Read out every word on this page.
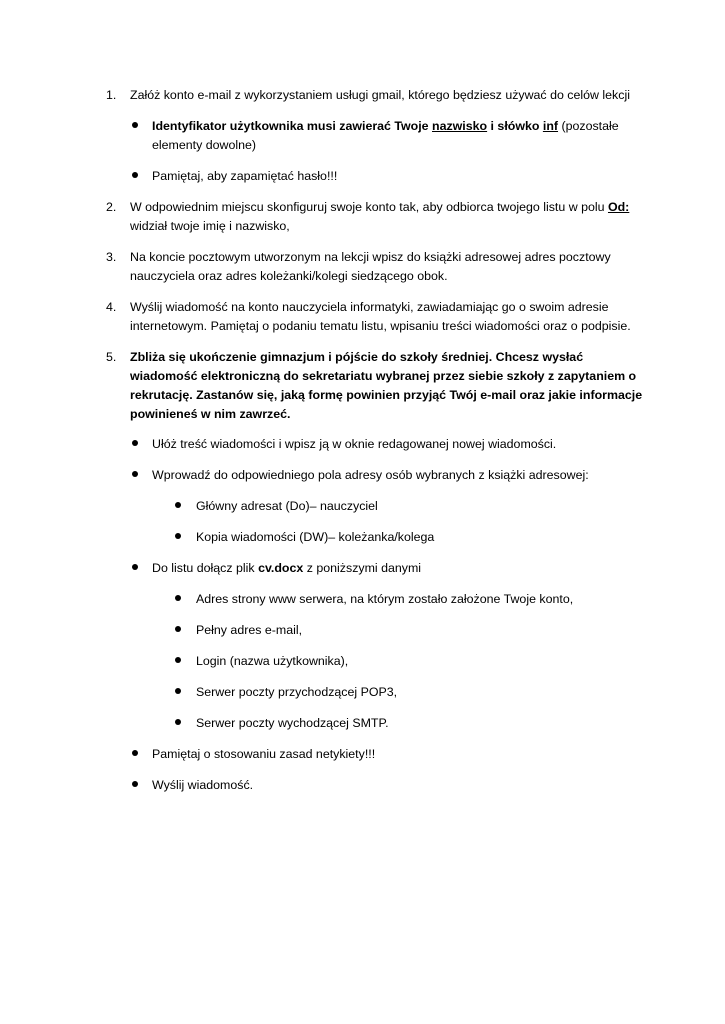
1.	Załóż konto e-mail z wykorzystaniem usługi gmail, którego będziesz używać do celów lekcji
Identyfikator użytkownika musi zawierać Twoje nazwisko i słówko inf (pozostałe elementy dowolne)
Pamiętaj, aby zapamiętać hasło!!!
2.	W odpowiednim miejscu skonfiguruj swoje konto tak, aby odbiorca twojego listu w polu Od: widział twoje imię i nazwisko,
3.	Na koncie pocztowym utworzonym na lekcji wpisz do książki adresowej adres pocztowy nauczyciela oraz adres koleżanki/kolegi siedzącego obok.
4.	Wyślij wiadomość na konto nauczyciela informatyki, zawiadamiając go o swoim adresie internetowym. Pamiętaj o podaniu tematu listu, wpisaniu treści wiadomości oraz o podpisie.
5.	Zbliża się ukończenie gimnazjum i pójście do szkoły średniej. Chcesz wysłać wiadomość elektroniczną do sekretariatu wybranej przez siebie szkoły z zapytaniem o rekrutację. Zastanów się, jaką formę powinien przyjąć Twój e-mail oraz jakie informacje powinieneś w nim zawrzeć.
Ułóż treść wiadomości i wpisz ją w oknie redagowanej nowej wiadomości.
Wprowadź do odpowiedniego pola adresy osób wybranych z książki adresowej:
Główny adresat (Do)– nauczyciel
Kopia wiadomości (DW)– koleżanka/kolega
Do listu dołącz plik cv.docx z poniższymi danymi
Adres strony www serwera, na którym zostało założone Twoje konto,
Pełny adres e-mail,
Login (nazwa użytkownika),
Serwer poczty przychodzącej POP3,
Serwer poczty wychodzącej SMTP.
Pamiętaj o stosowaniu zasad netykiety!!!
Wyślij wiadomość.
